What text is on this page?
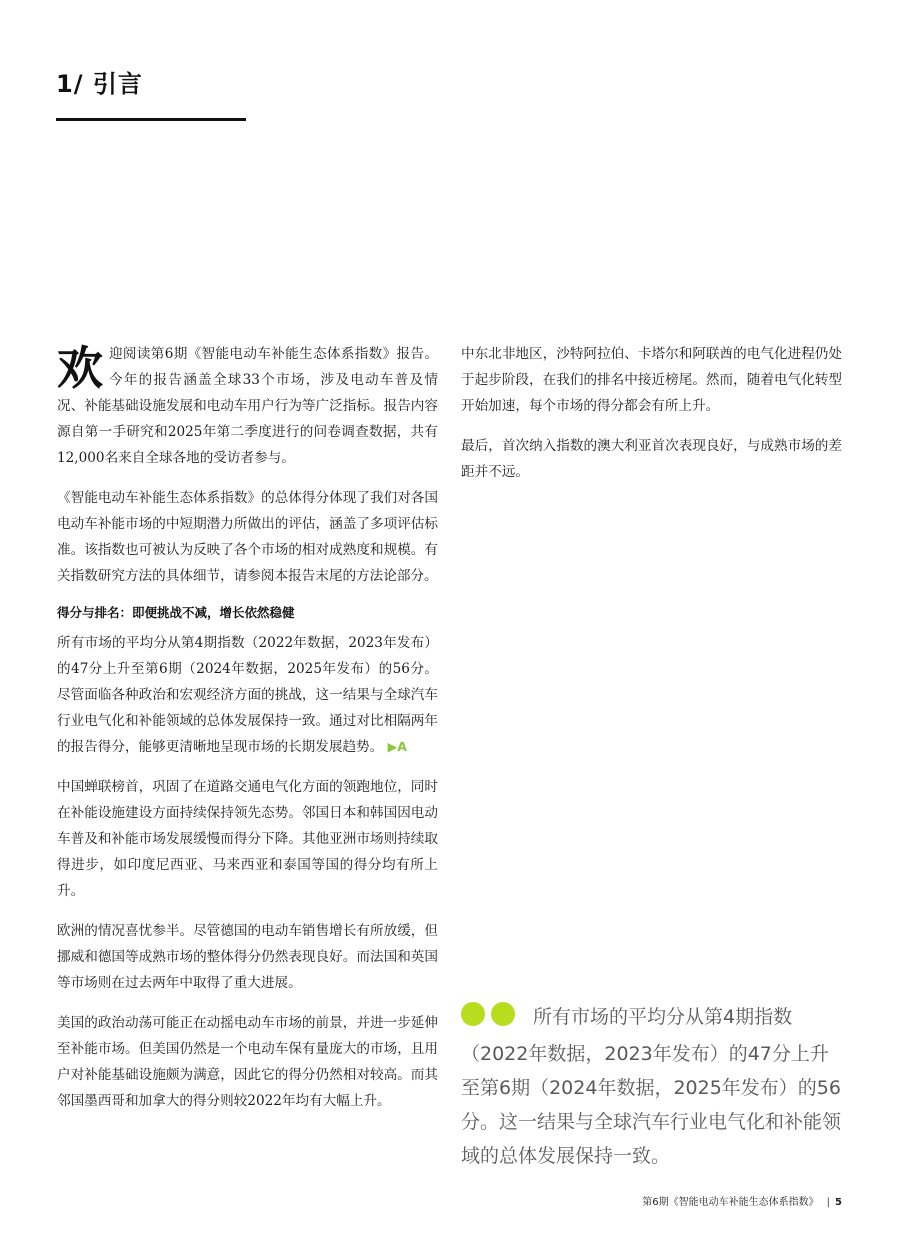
1/ 引言

欢迎阅读第6期《智能电动车补能生态体系指数》报告。今年的报告涵盖全球33个市场，涉及电动车普及情况、补能基础设施发展和电动车用户行为等广泛指标。报告内容源自第一手研究和2025年第二季度进行的问卷调查数据，共有12,000名来自全球各地的受访者参与。

《智能电动车补能生态体系指数》的总体得分体现了我们对各国电动车补能市场的中短期潜力所做出的评估，涵盖了多项评估标准。该指数也可被认为反映了各个市场的相对成熟度和规模。有关指数研究方法的具体细节，请参阅本报告末尾的方法论部分。

得分与排名：即便挑战不减，增长依然稳健

所有市场的平均分从第4期指数（2022年数据，2023年发布）的47分上升至第6期（2024年数据，2025年发布）的56分。尽管面临各种政治和宏观经济方面的挑战，这一结果与全球汽车行业电气化和补能领域的总体发展保持一致。通过对比相隔两年的报告得分，能够更清晰地呈现市场的长期发展趋势。 ▶A

中国蝉联榜首，巩固了在道路交通电气化方面的领跑地位，同时在补能设施建设方面持续保持领先态势。邻国日本和韩国因电动车普及和补能市场发展缓慢而得分下降。其他亚洲市场则持续取得进步，如印度尼西亚、马来西亚和泰国等国的得分均有所上升。

欧洲的情况喜忧参半。尽管德国的电动车销售增长有所放缓，但挪威和德国等成熟市场的整体得分仍然表现良好。而法国和英国等市场则在过去两年中取得了重大进展。

美国的政治动荡可能正在动摇电动车市场的前景，并进一步延伸至补能市场。但美国仍然是一个电动车保有量庞大的市场，且用户对补能基础设施颇为满意，因此它的得分仍然相对较高。而其邻国墨西哥和加拿大的得分则较2022年均有大幅上升。

中东北非地区，沙特阿拉伯、卡塔尔和阿联酋的电气化进程仍处于起步阶段，在我们的排名中接近榜尾。然而，随着电气化转型开始加速，每个市场的得分都会有所上升。

最后，首次纳入指数的澳大利亚首次表现良好，与成熟市场的差距并不远。

所有市场的平均分从第4期指数（2022年数据，2023年发布）的47分上升至第6期（2024年数据，2025年发布）的56分。这一结果与全球汽车行业电气化和补能领域的总体发展保持一致。
第6期《智能电动车补能生态体系指数》 | 5
